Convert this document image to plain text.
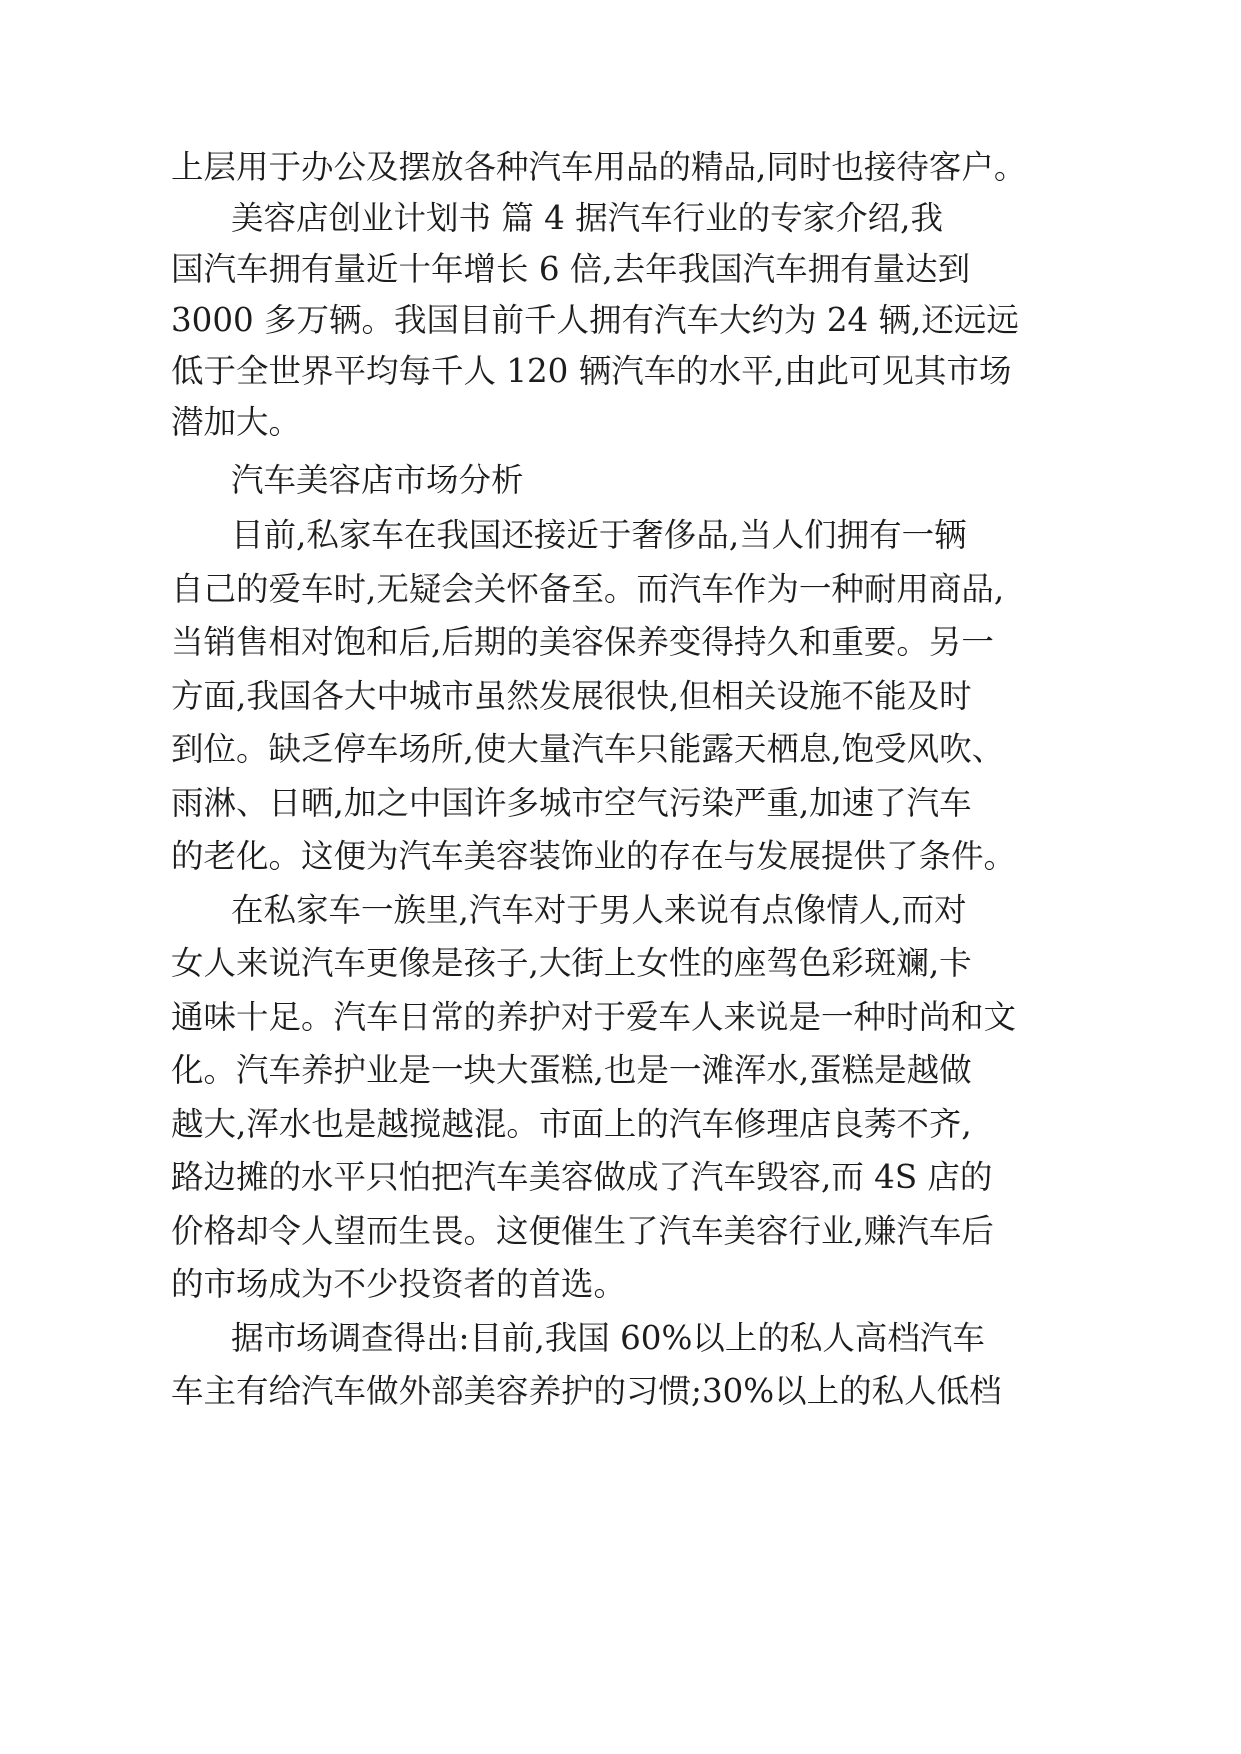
上层用于办公及摆放各种汽车用品的精品,同时也接待客户。
美容店创业计划书 篇 4 据汽车行业的专家介绍,我
国汽车拥有量近十年增长 6 倍,去年我国汽车拥有量达到
3000 多万辆。我国目前千人拥有汽车大约为 24 辆,还远远
低于全世界平均每千人 120 辆汽车的水平,由此可见其市场
潜加大。
汽车美容店市场分析
目前,私家车在我国还接近于奢侈品,当人们拥有一辆
自己的爱车时,无疑会关怀备至。而汽车作为一种耐用商品,
当销售相对饱和后,后期的美容保养变得持久和重要。另一
方面,我国各大中城市虽然发展很快,但相关设施不能及时
到位。缺乏停车场所,使大量汽车只能露天栖息,饱受风吹、
雨淋、日晒,加之中国许多城市空气污染严重,加速了汽车
的老化。这便为汽车美容装饰业的存在与发展提供了条件。
在私家车一族里,汽车对于男人来说有点像情人,而对
女人来说汽车更像是孩子,大街上女性的座驾色彩斑斓,卡
通味十足。汽车日常的养护对于爱车人来说是一种时尚和文
化。汽车养护业是一块大蛋糕,也是一滩浑水,蛋糕是越做
越大,浑水也是越搅越混。市面上的汽车修理店良莠不齐,
路边摊的水平只怕把汽车美容做成了汽车毁容,而 4S 店的
价格却令人望而生畏。这便催生了汽车美容行业,赚汽车后
的市场成为不少投资者的首选。
据市场调查得出:目前,我国 60%以上的私人高档汽车
车主有给汽车做外部美容养护的习惯;30%以上的私人低档
